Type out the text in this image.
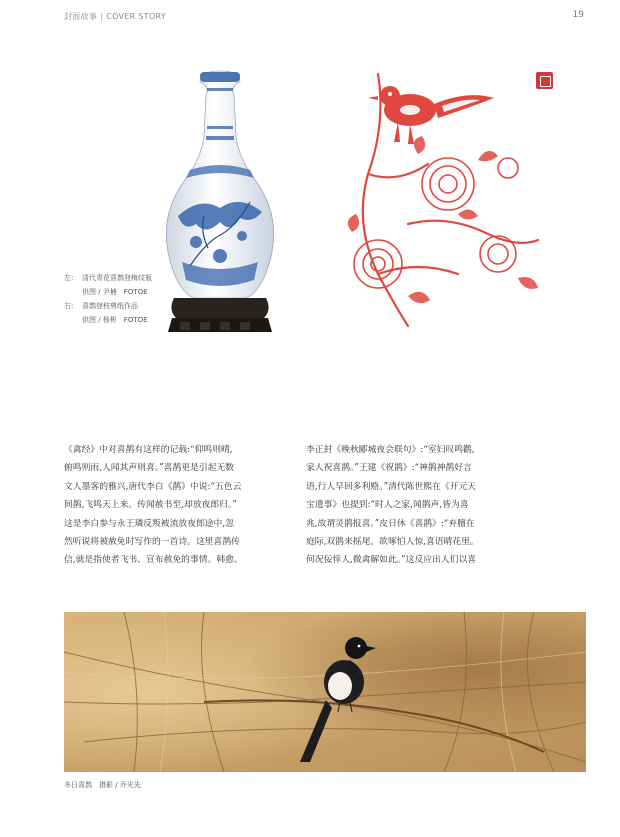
封面故事 | COVER STORY	19
左: 清代青花喜鹊登梅纹瓶
供图 / 尹楠　FOTOE
右: 喜鹊登枝剪纸作品
供图 / 杨彬　FOTOE
《禽经》中对喜鹊有这样的记载:“仰鸣则晴,
俯鸣则雨,人闻其声则喜。”喜鹊更是引起无数
文人墨客的雅兴,唐代李白《鹊》中说:“五色云
间鹊,飞鸣天上来。传闻赦书至,却放夜郎归。”
这是李白参与永王璘反叛被流放夜郎途中,忽
然听说将被赦免时写作的一首诗。这里喜鹊传
信,就是指使者飞书、宣布赦免的事情。韩愈、
李正封《晚秋郾城夜会联句》:“室妇叹鸣鹳,
家人祝喜鹊。”王建《祝鹊》:“神鹊神鹊好言
语,行人早回多利赂。”清代陈世熙在《开元天
宝遗事》也提到:“时人之家,闻鹊声,皆为喜
兆,故谓灵鹊报喜。”皮日休《喜鹊》:“弃膻在
庭际,双鹊来摇尾。欲啄怕人惊,喜语晴花里。
何况佞悻人,微禽解如此。”这反应出人们以喜
冬日喜鹊　摄影 / 乔光先
